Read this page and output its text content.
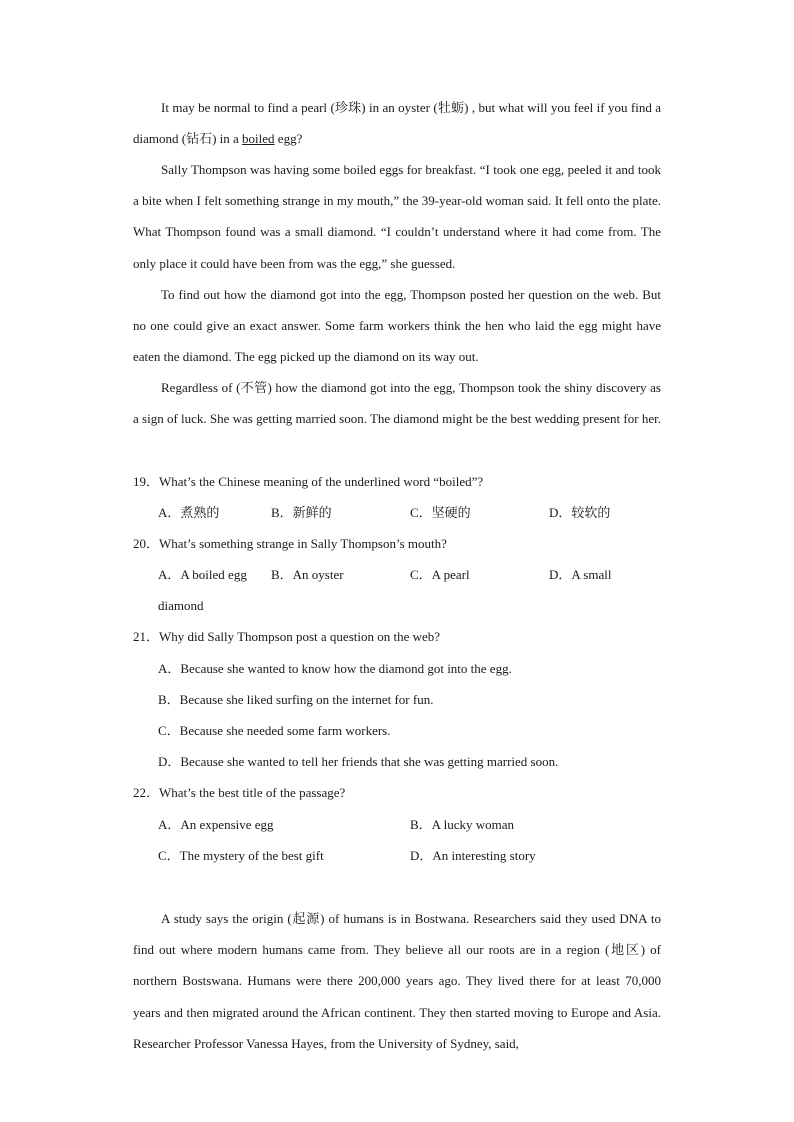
It may be normal to find a pearl (珍珠) in an oyster (牡蛎) , but what will you feel if you find a diamond (钻石) in a boiled egg?

Sally Thompson was having some boiled eggs for breakfast. “I took one egg, peeled it and took a bite when I felt something strange in my mouth,” the 39-year-old woman said. It fell onto the plate. What Thompson found was a small diamond. “I couldn’t understand where it had come from. The only place it could have been from was the egg,” she guessed.

To find out how the diamond got into the egg, Thompson posted her question on the web. But no one could give an exact answer. Some farm workers think the hen who laid the egg might have eaten the diamond. The egg picked up the diamond on its way out.

Regardless of (不管) how the diamond got into the egg, Thompson took the shiny discovery as a sign of luck. She was getting married soon. The diamond might be the best wedding present for her.

19．What’s the Chinese meaning of the underlined word “boiled”?

A．煮熟的	B．新鲜的	C．坚硬的	D．较软的

20．What’s something strange in Sally Thompson’s mouth?

A．A boiled egg B．An oyster	C．A pearl	D．A small
diamond

21．Why did Sally Thompson post a question on the web?

A．Because she wanted to know how the diamond got into the egg.
B．Because she liked surfing on the internet for fun.
C．Because she needed some farm workers.
D．Because she wanted to tell her friends that she was getting married soon.

22．What’s the best title of the passage?

A．An expensive egg	B．A lucky woman
C．The mystery of the best gift	D．An interesting story

A study says the origin (起源) of humans is in Bostwana. Researchers said they used DNA to find out where modern humans came from. They believe all our roots are in a region (地区) of northern Bostswana. Humans were there 200,000 years ago. They lived there for at least 70,000 years and then migrated around the African continent. They then started moving to Europe and Asia. Researcher Professor Vanessa Hayes, from the University of Sydney, said,
